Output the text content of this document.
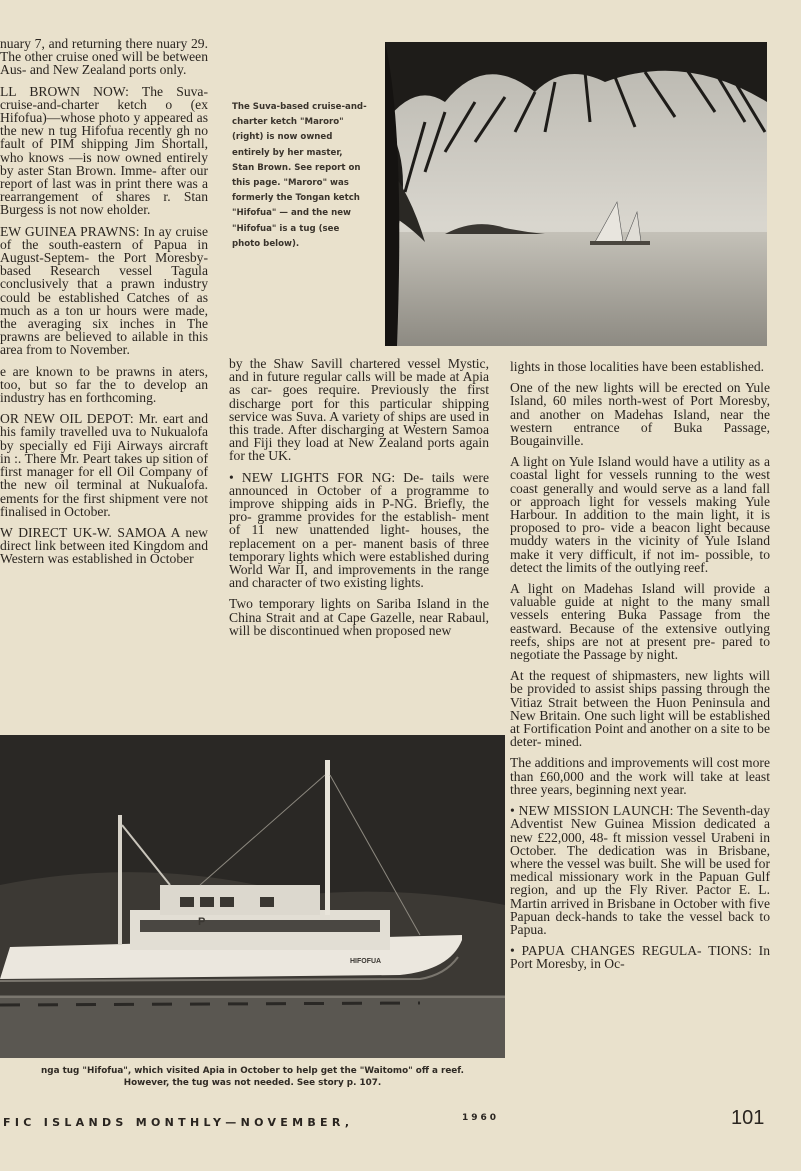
nuary 7, and returning there nuary 29. The other cruise oned will be between Aus- and New Zealand ports only.

LL BROWN NOW: The Suva- cruise-and-charter ketch o (ex Hifofua)—whose photo y appeared as the new n tug Hifofua recently gh no fault of PIM shipping Jim Shortall, who knows —is now owned entirely by aster Stan Brown. Imme- after our report of last was in print there was a rearrangement of shares r. Stan Burgess is not now eholder.

EW GUINEA PRAWNS: In ay cruise of the south-eastern of Papua in August-Septem- the Port Moresby-based Research vessel Tagula conclusively that a prawn industry could be established Catches of as much as a ton ur hours were made, the averaging six inches in The prawns are believed to ailable in this area from to November.

e are known to be prawns in aters, too, but so far the to develop an industry has en forthcoming.

OR NEW OIL DEPOT: Mr. eart and his family travelled uva to Nukualofa by specially ed Fiji Airways aircraft in :. There Mr. Peart takes up sition of first manager for ell Oil Company of the new oil terminal at Nukualofa. ements for the first shipment vere not finalised in October.

W DIRECT UK-W. SAMOA A new direct link between ited Kingdom and Western was established in October

The Suva-based cruise-and-charter ketch "Maroro" (right) is now owned entirely by her master, Stan Brown. See report on this page. "Maroro" was formerly the Tongan ketch "Hifofua" — and the new "Hifofua" is a tug (see photo below).

by the Shaw Savill chartered vessel Mystic, and in future regular calls will be made at Apia as car- goes require. Previously the first discharge port for this particular shipping service was Suva. A variety of ships are used in this trade. After discharging at Western Samoa and Fiji they load at New Zealand ports again for the UK.

• NEW LIGHTS FOR NG: De- tails were announced in October of a programme to improve shipping aids in P-NG. Briefly, the pro- gramme provides for the establish- ment of 11 new unattended light- houses, the replacement on a per- manent basis of three temporary lights which were established during World War II, and improvements in the range and character of two existing lights.

Two temporary lights on Sariba Island in the China Strait and at Cape Gazelle, near Rabaul, will be discontinued when proposed new

lights in those localities have been established.

One of the new lights will be erected on Yule Island, 60 miles north-west of Port Moresby, and another on Madehas Island, near the western entrance of Buka Passage, Bougainville.

A light on Yule Island would have a utility as a coastal light for vessels running to the west coast generally and would serve as a land fall or approach light for vessels making Yule Harbour. In addition to the main light, it is proposed to pro- vide a beacon light because muddy waters in the vicinity of Yule Island make it very difficult, if not im- possible, to detect the limits of the outlying reef.

A light on Madehas Island will provide a valuable guide at night to the many small vessels entering Buka Passage from the eastward. Because of the extensive outlying reefs, ships are not at present pre- pared to negotiate the Passage by night.

At the request of shipmasters, new lights will be provided to assist ships passing through the Vitiaz Strait between the Huon Peninsula and New Britain. One such light will be established at Fortification Point and another on a site to be deter- mined.

The additions and improvements will cost more than £60,000 and the work will take at least three years, beginning next year.

• NEW MISSION LAUNCH: The Seventh-day Adventist New Guinea Mission dedicated a new £22,000, 48- ft mission vessel Urabeni in October. The dedication was in Brisbane, where the vessel was built. She will be used for medical missionary work in the Papuan Gulf region, and up the Fly River. Pactor E. L. Martin arrived in Brisbane in October with five Papuan deck-hands to take the vessel back to Papua.

• PAPUA CHANGES REGULA- TIONS: In Port Moresby, in Oc-

P
HIFOFUA
nga tug "Hifofua", which visited Apia in October to help get the "Waitomo" off a reef.
However, the tug was not needed. See story p. 107.
FIC ISLANDS MONTHLY—NOVEMBER,	1960	101
